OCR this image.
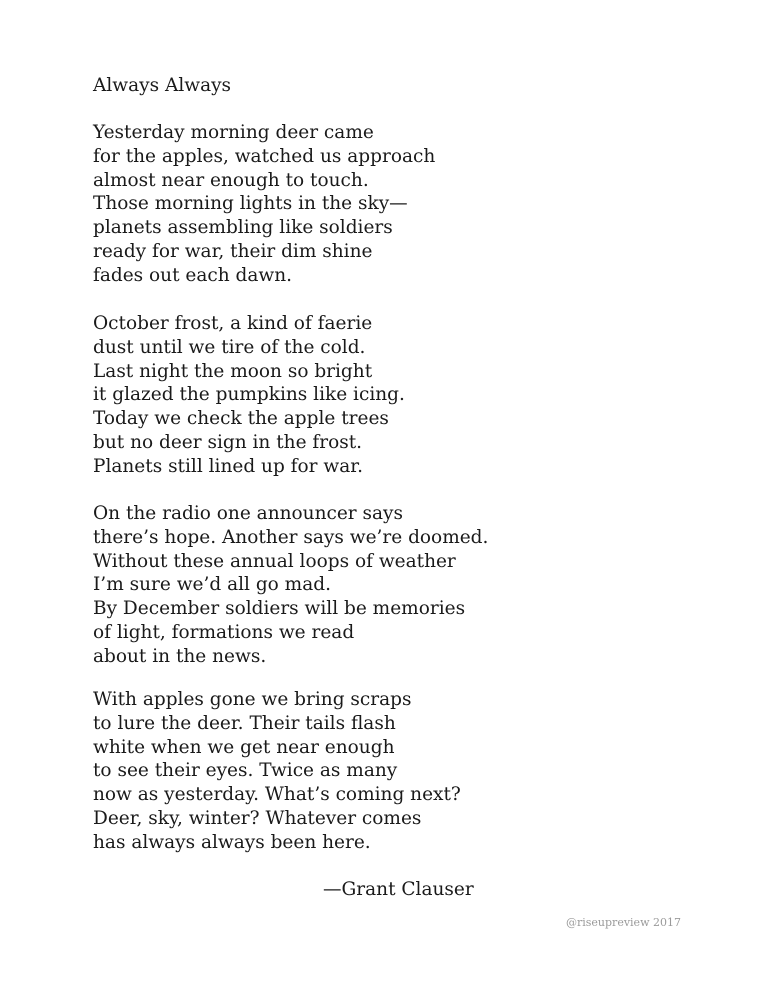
Always Always

Yesterday morning deer came
for the apples, watched us approach
almost near enough to touch.
Those morning lights in the sky—
planets assembling like soldiers
ready for war, their dim shine
fades out each dawn.

October frost, a kind of faerie
dust until we tire of the cold.
Last night the moon so bright
it glazed the pumpkins like icing.
Today we check the apple trees
but no deer sign in the frost.
Planets still lined up for war.

On the radio one announcer says
there’s hope. Another says we’re doomed.
Without these annual loops of weather
I’m sure we’d all go mad.
By December soldiers will be memories
of light, formations we read
about in the news.

With apples gone we bring scraps
to lure the deer. Their tails flash
white when we get near enough
to see their eyes. Twice as many
now as yesterday. What’s coming next?
Deer, sky, winter? Whatever comes
has always always been here.

—Grant Clauser
@riseupreview 2017
